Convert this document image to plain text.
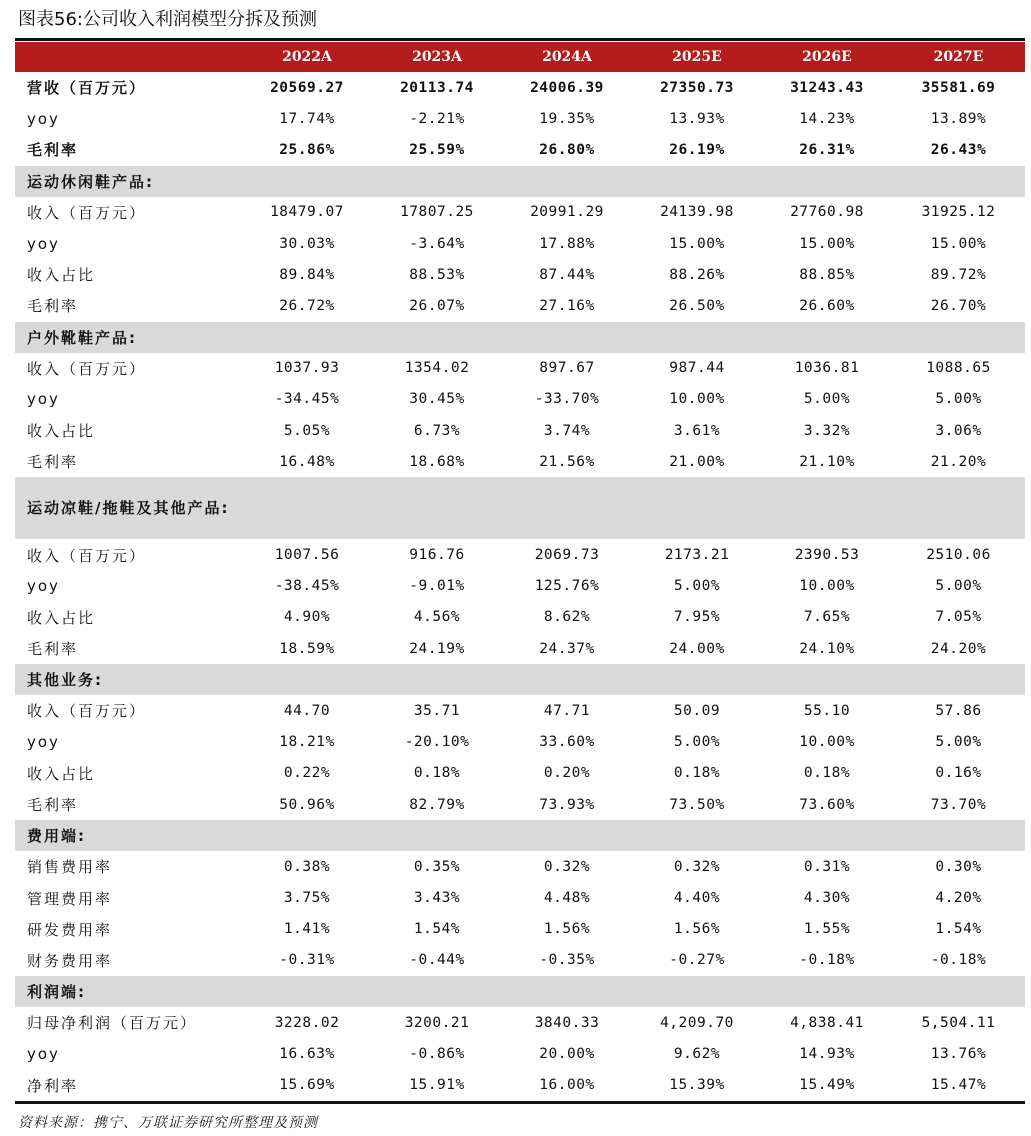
图表56:公司收入利润模型分拆及预测
	2022A	2023A	2024A	2025E	2026E	2027E
营收（百万元）	20569.27	20113.74	24006.39	27350.73	31243.43	35581.69
yoy	17.74%	-2.21%	19.35%	13.93%	14.23%	13.89%
毛利率	25.86%	25.59%	26.80%	26.19%	26.31%	26.43%
运动休闲鞋产品:						
收入（百万元）	18479.07	17807.25	20991.29	24139.98	27760.98	31925.12
yoy	30.03%	-3.64%	17.88%	15.00%	15.00%	15.00%
收入占比	89.84%	88.53%	87.44%	88.26%	88.85%	89.72%
毛利率	26.72%	26.07%	27.16%	26.50%	26.60%	26.70%
户外靴鞋产品:						
收入（百万元）	1037.93	1354.02	897.67	987.44	1036.81	1088.65
yoy	-34.45%	30.45%	-33.70%	10.00%	5.00%	5.00%
收入占比	5.05%	6.73%	3.74%	3.61%	3.32%	3.06%
毛利率	16.48%	18.68%	21.56%	21.00%	21.10%	21.20%
运动凉鞋/拖鞋及其他产品:						
收入（百万元）	1007.56	916.76	2069.73	2173.21	2390.53	2510.06
yoy	-38.45%	-9.01%	125.76%	5.00%	10.00%	5.00%
收入占比	4.90%	4.56%	8.62%	7.95%	7.65%	7.05%
毛利率	18.59%	24.19%	24.37%	24.00%	24.10%	24.20%
其他业务:						
收入（百万元）	44.70	35.71	47.71	50.09	55.10	57.86
yoy	18.21%	-20.10%	33.60%	5.00%	10.00%	5.00%
收入占比	0.22%	0.18%	0.20%	0.18%	0.18%	0.16%
毛利率	50.96%	82.79%	73.93%	73.50%	73.60%	73.70%
费用端:						
销售费用率	0.38%	0.35%	0.32%	0.32%	0.31%	0.30%
管理费用率	3.75%	3.43%	4.48%	4.40%	4.30%	4.20%
研发费用率	1.41%	1.54%	1.56%	1.56%	1.55%	1.54%
财务费用率	-0.31%	-0.44%	-0.35%	-0.27%	-0.18%	-0.18%
利润端:						
归母净利润（百万元）	3228.02	3200.21	3840.33	4,209.70	4,838.41	5,504.11
yoy	16.63%	-0.86%	20.00%	9.62%	14.93%	13.76%
净利率	15.69%	15.91%	16.00%	15.39%	15.49%	15.47%
资料来源：携宁、万联证券研究所整理及预测
